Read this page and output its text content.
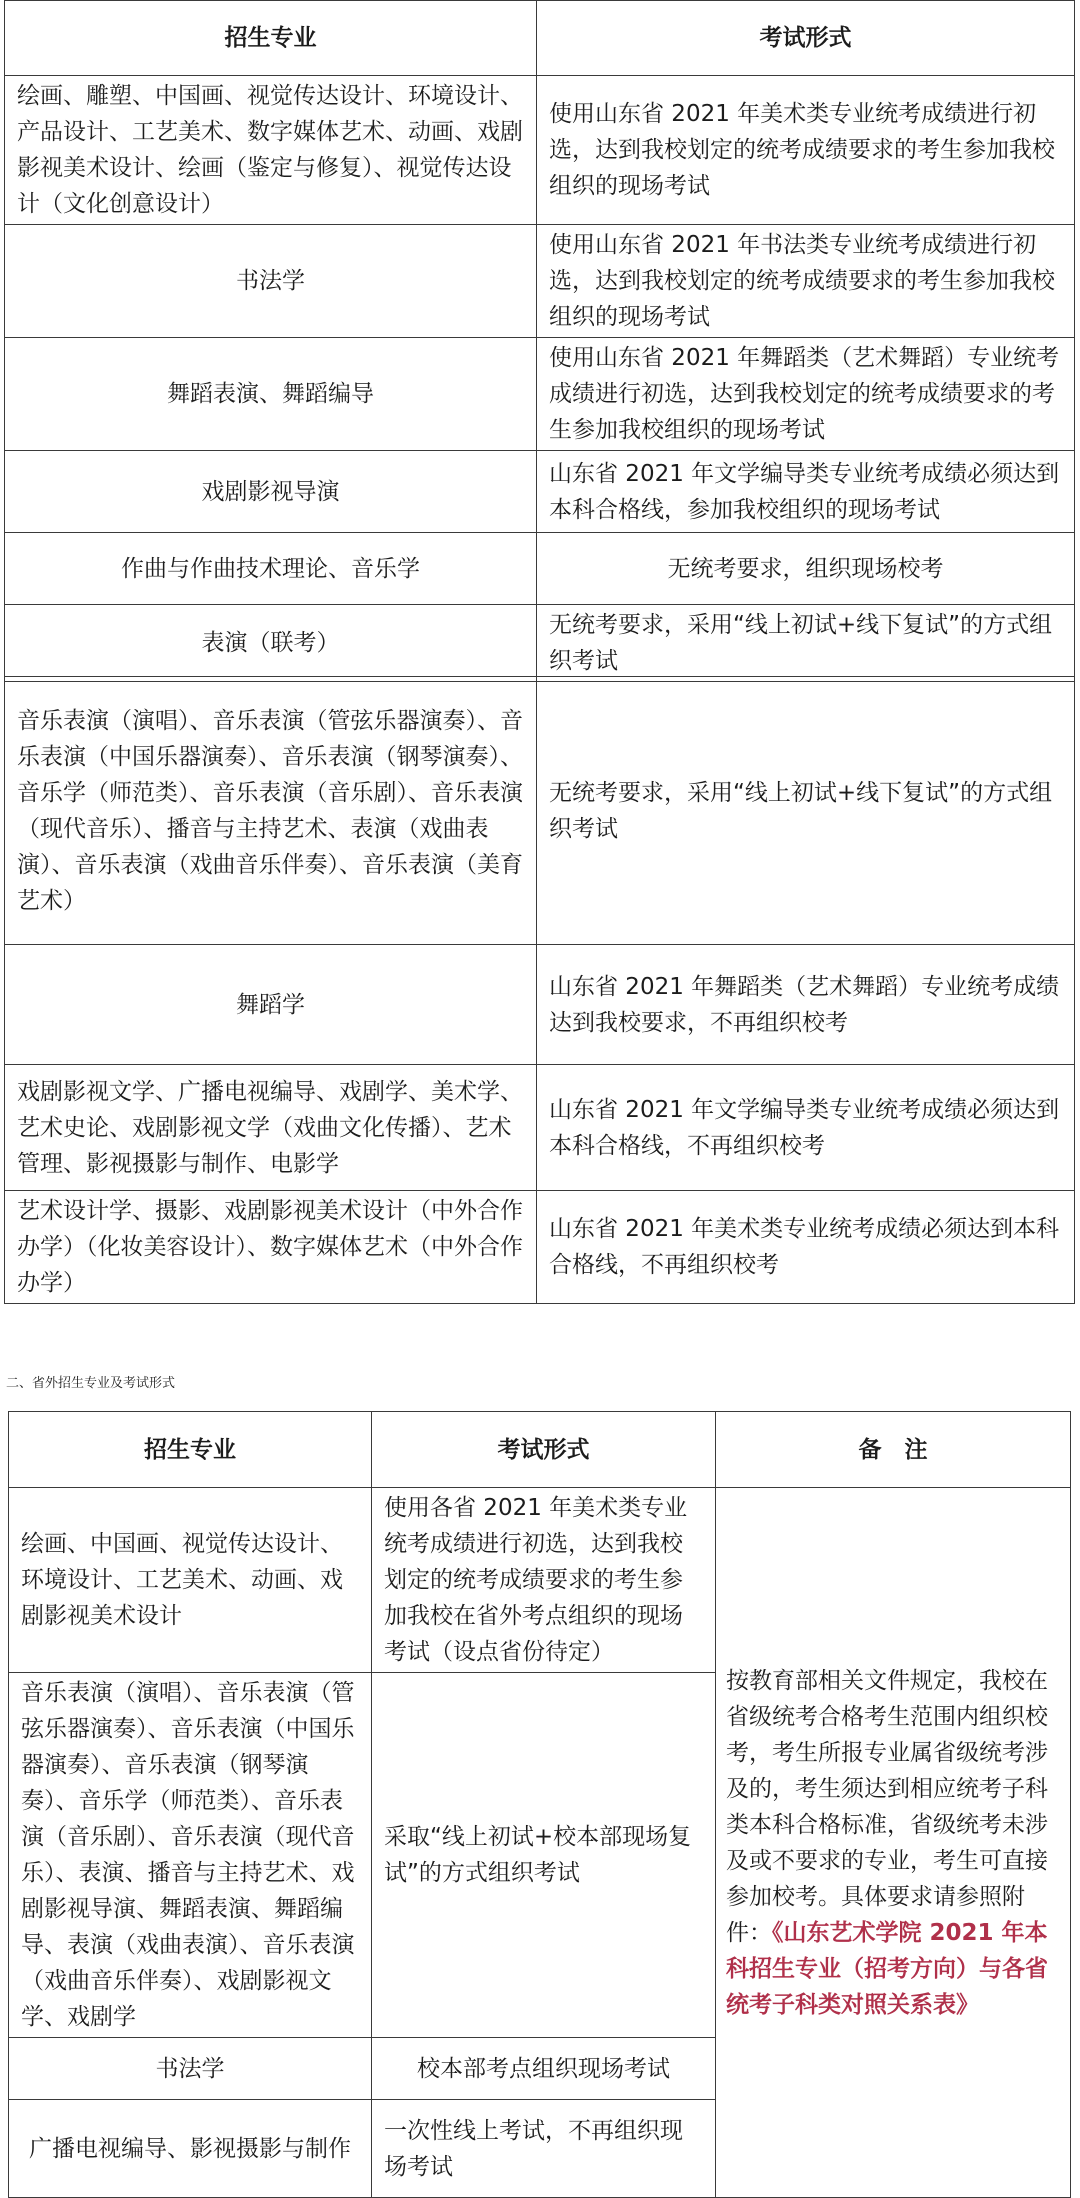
招生专业	考试形式
绘画、雕塑、中国画、视觉传达设计、环境设计、产品设计、工艺美术、数字媒体艺术、动画、戏剧影视美术设计、绘画（鉴定与修复）、视觉传达设计（文化创意设计）	使用山东省 2021 年美术类专业统考成绩进行初选，达到我校划定的统考成绩要求的考生参加我校组织的现场考试
书法学	使用山东省 2021 年书法类专业统考成绩进行初选，达到我校划定的统考成绩要求的考生参加我校组织的现场考试
舞蹈表演、舞蹈编导	使用山东省 2021 年舞蹈类（艺术舞蹈）专业统考成绩进行初选，达到我校划定的统考成绩要求的考生参加我校组织的现场考试
戏剧影视导演	山东省 2021 年文学编导类专业统考成绩必须达到本科合格线，参加我校组织的现场考试
作曲与作曲技术理论、音乐学	无统考要求，组织现场校考
表演（联考）	无统考要求，采用“线上初试+线下复试”的方式组织考试
音乐表演（演唱）、音乐表演（管弦乐器演奏）、音乐表演（中国乐器演奏）、音乐表演（钢琴演奏）、音乐学（师范类）、音乐表演（音乐剧）、音乐表演（现代音乐）、播音与主持艺术、表演（戏曲表演）、音乐表演（戏曲音乐伴奏）、音乐表演（美育艺术）	无统考要求，采用“线上初试+线下复试”的方式组织考试
舞蹈学	山东省 2021 年舞蹈类（艺术舞蹈）专业统考成绩达到我校要求，不再组织校考
戏剧影视文学、广播电视编导、戏剧学、美术学、艺术史论、戏剧影视文学（戏曲文化传播）、艺术管理、影视摄影与制作、电影学	山东省 2021 年文学编导类专业统考成绩必须达到本科合格线，不再组织校考
艺术设计学、摄影、戏剧影视美术设计（中外合作办学）（化妆美容设计）、数字媒体艺术（中外合作办学）	山东省 2021 年美术类专业统考成绩必须达到本科合格线，不再组织校考
二、省外招生专业及考试形式
招生专业	考试形式	备　注
绘画、中国画、视觉传达设计、环境设计、工艺美术、动画、戏剧影视美术设计	使用各省 2021 年美术类专业统考成绩进行初选，达到我校划定的统考成绩要求的考生参加我校在省外考点组织的现场考试（设点省份待定）	按教育部相关文件规定，我校在省级统考合格考生范围内组织校考，考生所报专业属省级统考涉及的，考生须达到相应统考子科类本科合格标准，省级统考未涉及或不要求的专业，考生可直接参加校考。具体要求请参照附件：《山东艺术学院 2021 年本科招生专业（招考方向）与各省统考子科类对照关系表》
音乐表演（演唱）、音乐表演（管弦乐器演奏）、音乐表演（中国乐器演奏）、音乐表演（钢琴演奏）、音乐学（师范类）、音乐表演（音乐剧）、音乐表演（现代音乐）、表演、播音与主持艺术、戏剧影视导演、舞蹈表演、舞蹈编导、表演（戏曲表演）、音乐表演（戏曲音乐伴奏）、戏剧影视文学、戏剧学	采取“线上初试+校本部现场复试”的方式组织考试	
书法学	校本部考点组织现场考试	
广播电视编导、影视摄影与制作	一次性线上考试，不再组织现场考试	
